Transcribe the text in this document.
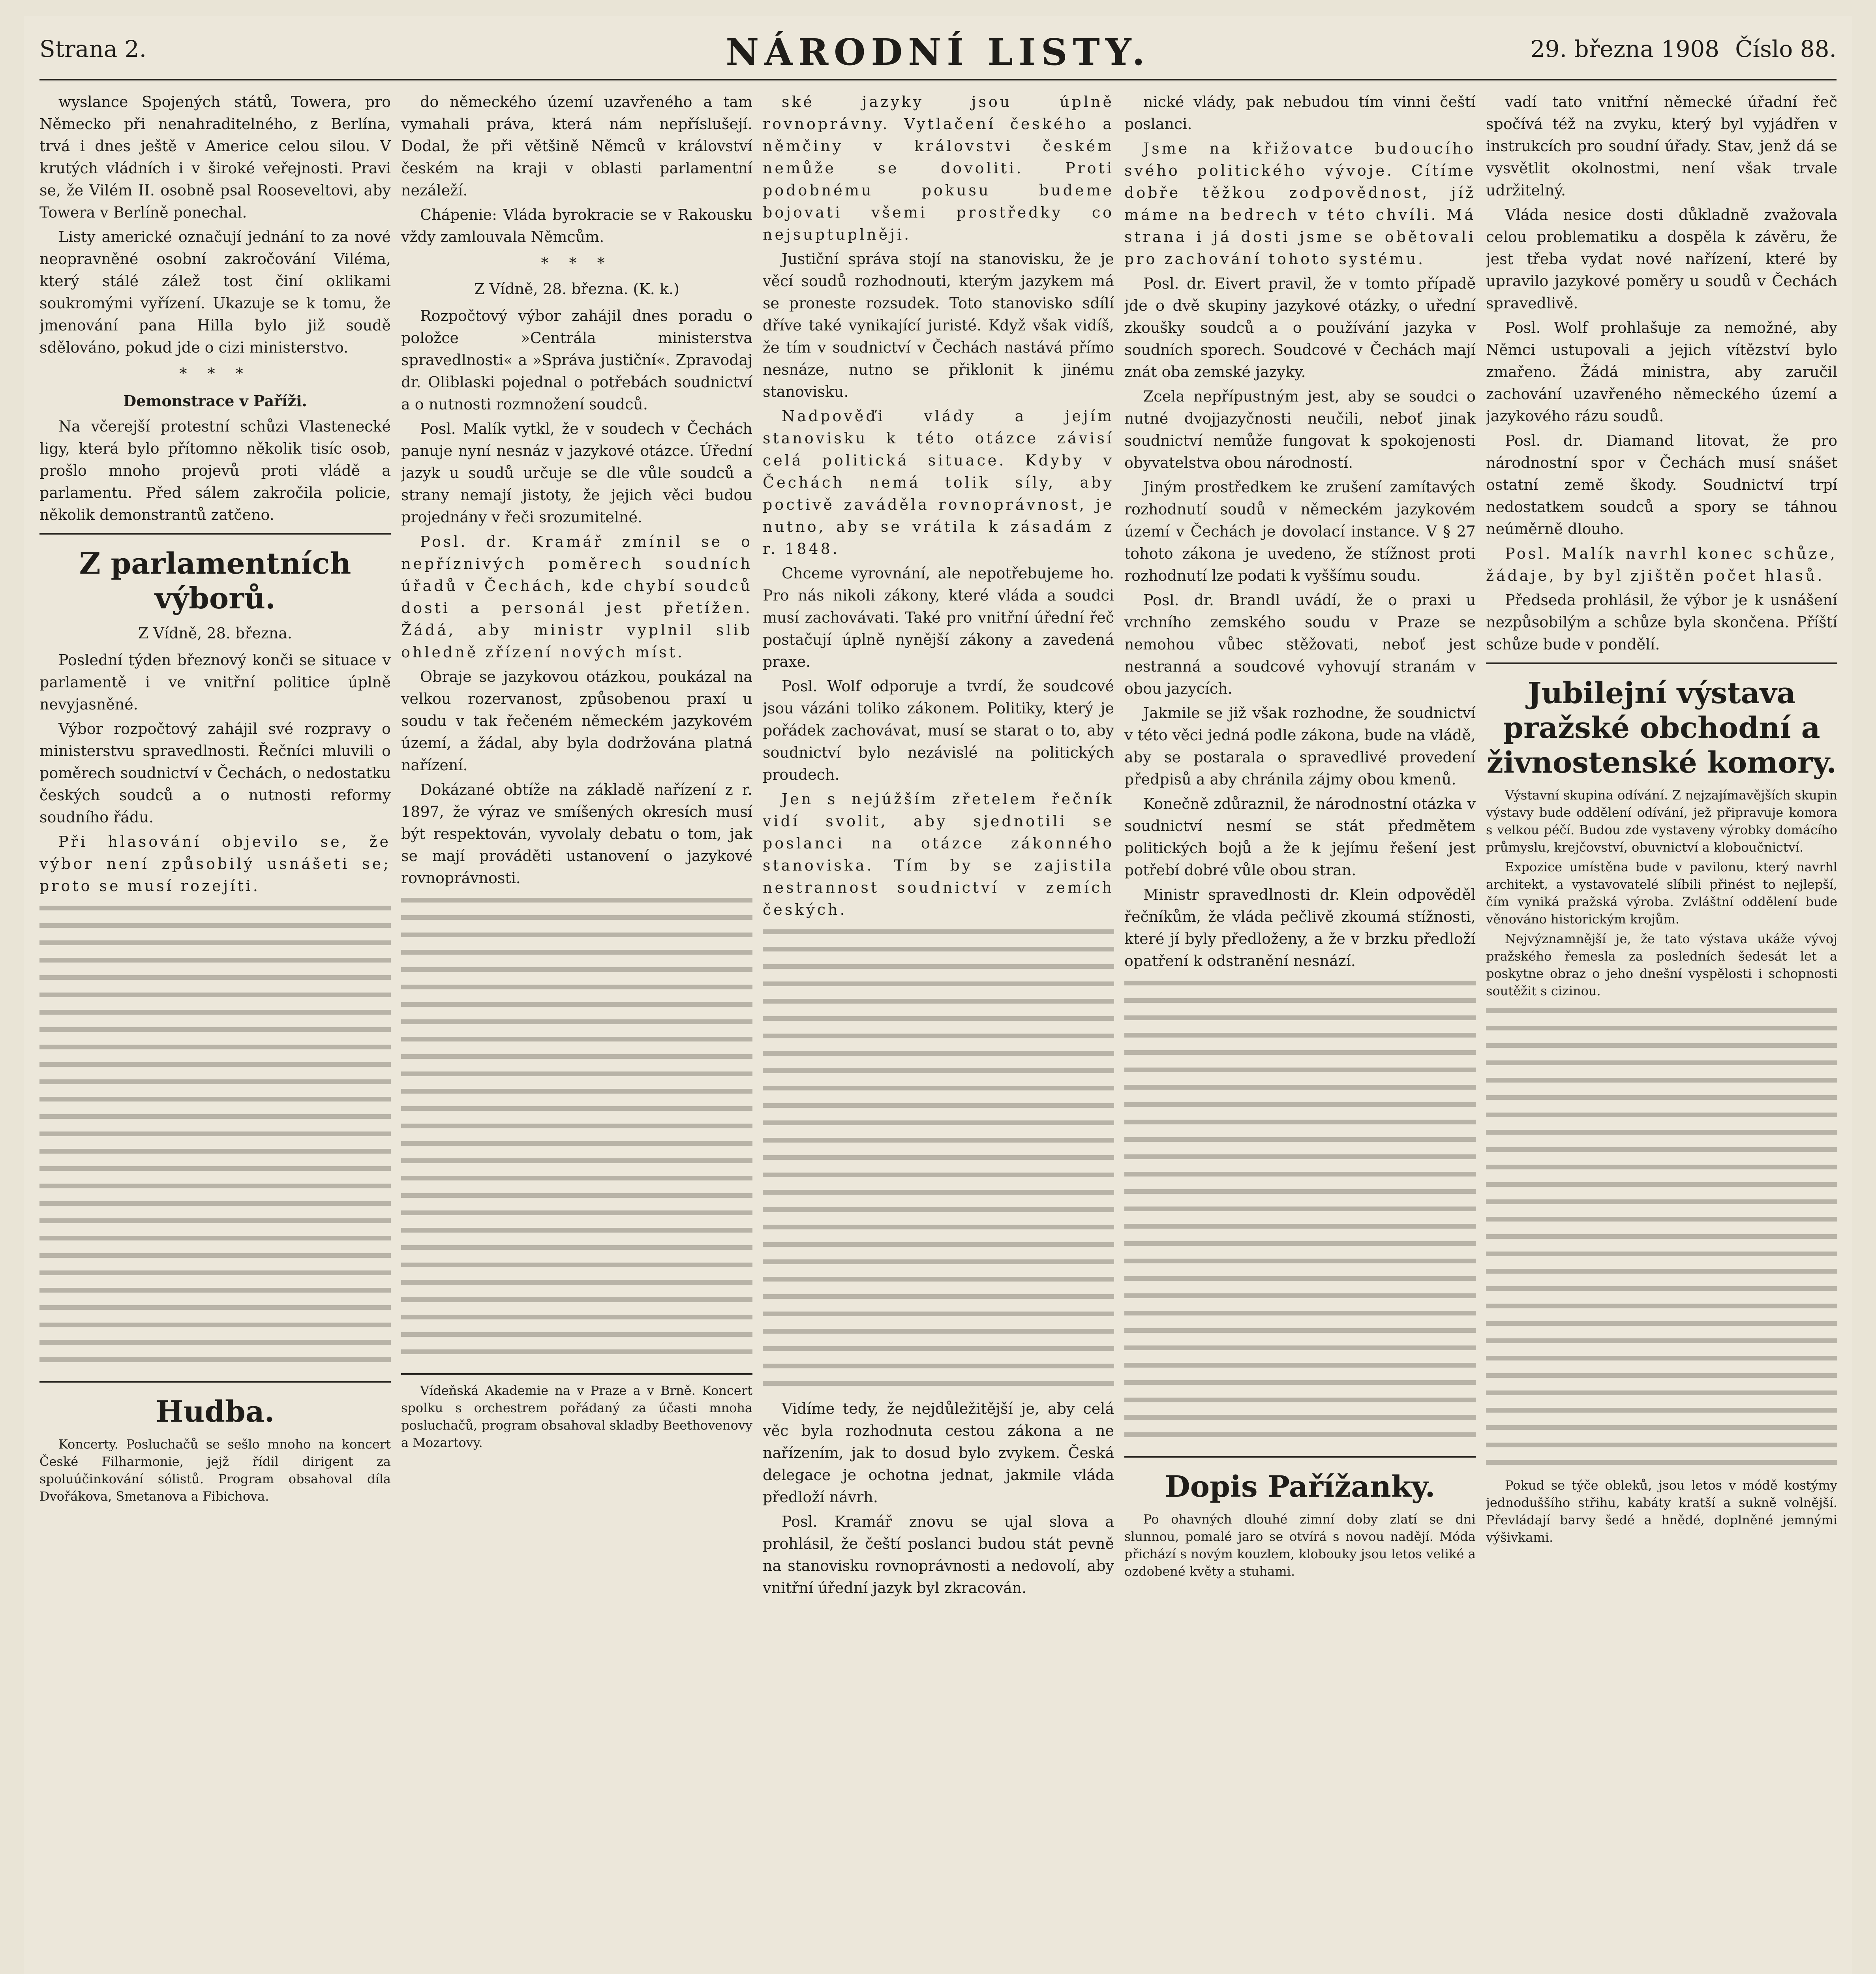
Strana 2.	NÁRODNÍ LISTY.	29. března 1908 Číslo 88.

wyslance Spojených států, Towera, pro Německo při nenahraditelného, z Berlína, trvá i dnes ještě v Americe celou silou. V krutých vládních i v široké veřejnosti. Pravi se, že Vilém II. osobně psal Rooseveltovi, aby Towera v Berlíně ponechal.

Listy americké označují jednání to za nové neopravněné osobní zakročování Viléma, který stálé zálež tost činí oklikami soukromými vyřízení. Ukazuje se k tomu, že jmenování pana Hilla bylo již soudě sdělováno, pokud jde o cizi ministerstvo.

* * *

Demonstrace v Paříži.

Na včerejší protestní schůzi Vlastenecké ligy, která bylo přítomno několik tisíc osob, prošlo mnoho projevů proti vládě a parlamentu. Před sálem zakročila policie, několik demonstrantů zatčeno.

Z parlamentních výborů.

Z Vídně, 28. března.

Poslední týden březnový konči se situace v parlamentě i ve vnitřní politice úplně nevyjasněné.

Výbor rozpočtový zahájil své rozpravy o ministerstvu spravedlnosti. Řečníci mluvili o poměrech soudnictví v Čechách, o nedostatku českých soudců a o nutnosti reformy soudního řádu.

Při hlasování objevilo se, že výbor není způsobilý usnášeti se; proto se musí rozejíti.

Hudba.

Koncerty. Posluchačů se sešlo mnoho na koncert České Filharmonie, jejž řídil dirigent za spoluúčinkování sólistů. Program obsahoval díla Dvořákova, Smetanova a Fibichova.

do německého území uzavřeného a tam vymahali práva, která nám nepříslušejí. Dodal, že při většině Němců v království českém na kraji v oblasti parlamentní nezáleží.

Chápenie: Vláda byrokracie se v Rakousku vždy zamlouvala Němcům.

* * *

Z Vídně, 28. března. (K. k.)

Rozpočtový výbor zahájil dnes poradu o položce »Centrála ministerstva spravedlnosti« a »Správa justiční«. Zpravodaj dr. Oliblaski pojednal o potřebách soudnictví a o nutnosti rozmnožení soudců.

Posl. Malík vytkl, že v soudech v Čechách panuje nyní nesnáz v jazykové otázce. Úřední jazyk u soudů určuje se dle vůle soudců a strany nemají jistoty, že jejich věci budou projednány v řeči srozumitelné.

Posl. dr. Kramář zmínil se o nepříznivých poměrech soudních úřadů v Čechách, kde chybí soudců dosti a personál jest přetížen. Žádá, aby ministr vyplnil slib ohledně zřízení nových míst.

Obraje se jazykovou otázkou, poukázal na velkou rozervanost, způsobenou praxí u soudu v tak řečeném německém jazykovém území, a žádal, aby byla dodržována platná nařízení.

Dokázané obtíže na základě nařízení z r. 1897, že výraz ve smíšených okresích musí být respektován, vyvolaly debatu o tom, jak se mají prováděti ustanovení o jazykové rovnoprávnosti.

Vídeňská Akademie na v Praze a v Brně. Koncert spolku s orchestrem pořádaný za účasti mnoha posluchačů, program obsahoval skladby Beethovenovy a Mozartovy.

ské jazyky jsou úplně rovnoprávny. Vytlačení českého a němčiny v královstvi českém nemůže se dovoliti. Proti podobnému pokusu budeme bojovati všemi prostředky co nejsuptuplněji.

Justiční správa stojí na stanovisku, že je věcí soudů rozhodnouti, kterým jazykem má se proneste rozsudek. Toto stanovisko sdílí dříve také vynikající juristé. Když však vidíš, že tím v soudnictví v Čechách nastává přímo nesnáze, nutno se přiklonit k jinému stanovisku.

Nadpověďi vlády a jejím stanovisku k této otázce závisí celá politická situace. Kdyby v Čechách nemá tolik síly, aby poctivě zaváděla rovnoprávnost, je nutno, aby se vrátila k zásadám z r. 1848.

Chceme vyrovnání, ale nepotřebujeme ho. Pro nás nikoli zákony, které vláda a soudci musí zachovávati. Také pro vnitřní úřední řeč postačují úplně nynější zákony a zavedená praxe.

Posl. Wolf odporuje a tvrdí, že soudcové jsou vázáni toliko zákonem. Politiky, který je pořádek zachovávat, musí se starat o to, aby soudnictví bylo nezávislé na politických proudech.

Jen s nejúžším zřetelem řečník vidí svolit, aby sjednotili se poslanci na otázce zákonného stanoviska. Tím by se zajistila nestrannost soudnictví v zemích českých.

Vidíme tedy, že nejdůležitější je, aby celá věc byla rozhodnuta cestou zákona a ne nařízením, jak to dosud bylo zvykem. Česká delegace je ochotna jednat, jakmile vláda předloží návrh.

Posl. Kramář znovu se ujal slova a prohlásil, že čeští poslanci budou stát pevně na stanovisku rovnoprávnosti a nedovolí, aby vnitřní úřední jazyk byl zkracován.

nické vlády, pak nebudou tím vinni čeští poslanci.

Jsme na křižovatce budoucího svého politického vývoje. Cítíme dobře těžkou zodpovědnost, jíž máme na bedrech v této chvíli. Má strana i já dosti jsme se obětovali pro zachování tohoto systému.

Posl. dr. Eivert pravil, že v tomto případě jde o dvě skupiny jazykové otázky, o uřední zkoušky soudců a o používání jazyka v soudních sporech. Soudcové v Čechách mají znát oba zemské jazyky.

Zcela nepřípustným jest, aby se soudci o nutné dvojjazyčnosti neučili, neboť jinak soudnictví nemůže fungovat k spokojenosti obyvatelstva obou národností.

Jiným prostředkem ke zrušení zamítavých rozhodnutí soudů v německém jazykovém území v Čechách je dovolací instance. V § 27 tohoto zákona je uvedeno, že stížnost proti rozhodnutí lze podati k vyššímu soudu.

Posl. dr. Brandl uvádí, že o praxi u vrchního zemského soudu v Praze se nemohou vůbec stěžovati, neboť jest nestranná a soudcové vyhovují stranám v obou jazycích.

Jakmile se již však rozhodne, že soudnictví v této věci jedná podle zákona, bude na vládě, aby se postarala o spravedlivé provedení předpisů a aby chránila zájmy obou kmenů.

Konečně zdůraznil, že národnostní otázka v soudnictví nesmí se stát předmětem politických bojů a že k jejímu řešení jest potřebí dobré vůle obou stran.

Ministr spravedlnosti dr. Klein odpověděl řečníkům, že vláda pečlivě zkoumá stížnosti, které jí byly předloženy, a že v brzku předloží opatření k odstranění nesnází.

Dopis Pařížanky.

Po ohavných dlouhé zimní doby zlatí se dni slunnou, pomalé jaro se otvírá s novou nadějí. Móda přichází s novým kouzlem, klobouky jsou letos veliké a ozdobené květy a stuhami.

vadí tato vnitřní německé úřadní řeč spočívá též na zvyku, který byl vyjádřen v instrukcích pro soudní úřady. Stav, jenž dá se vysvětlit okolnostmi, není však trvale udržitelný.

Vláda nesice dosti důkladně zvažovala celou problematiku a dospěla k závěru, že jest třeba vydat nové nařízení, které by upravilo jazykové poměry u soudů v Čechách spravedlivě.

Posl. Wolf prohlašuje za nemožné, aby Němci ustupovali a jejich vítězství bylo zmařeno. Žádá ministra, aby zaručil zachování uzavřeného německého území a jazykového rázu soudů.

Posl. dr. Diamand litovat, že pro národnostní spor v Čechách musí snášet ostatní země škody. Soudnictví trpí nedostatkem soudců a spory se táhnou neúměrně dlouho.

Posl. Malík navrhl konec schůze, žádaje, by byl zjištěn počet hlasů.

Předseda prohlásil, že výbor je k usnášení nezpůsobilým a schůze byla skončena. Příští schůze bude v pondělí.

Jubilejní výstava pražské obchodní a živnostenské komory.

Výstavní skupina odívání. Z nejzajímavějších skupin výstavy bude oddělení odívání, jež připravuje komora s velkou péčí. Budou zde vystaveny výrobky domácího průmyslu, krejčovství, obuvnictví a kloboučnictví.

Expozice umístěna bude v pavilonu, který navrhl architekt, a vystavovatelé slíbili přinést to nejlepší, čím vyniká pražská výroba. Zvláštní oddělení bude věnováno historickým krojům.

Nejvýznamnější je, že tato výstava ukáže vývoj pražského řemesla za posledních šedesát let a poskytne obraz o jeho dnešní vyspělosti i schopnosti soutěžit s cizinou.

Pokud se týče obleků, jsou letos v módě kostýmy jednoduššího střihu, kabáty kratší a sukně volnější. Převládají barvy šedé a hnědé, doplněné jemnými výšivkami.
